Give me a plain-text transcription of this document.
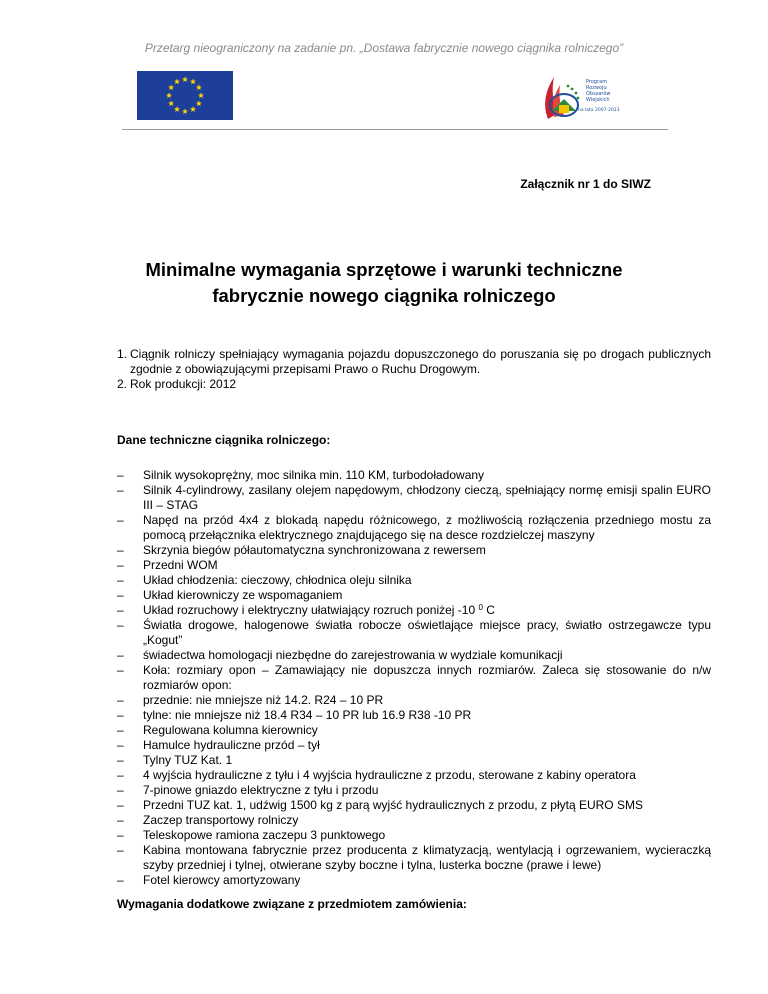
Przetarg nieograniczony na zadanie pn. „Dostawa fabrycznie nowego ciągnika rolniczego”
Program
Rozwoju
Obszarów
Wiejskich
na lata 2007-2013
Załącznik nr 1 do SIWZ
Minimalne wymagania sprzętowe i warunki techniczne
fabrycznie nowego ciągnika rolniczego
1. Ciągnik rolniczy spełniający wymagania pojazdu dopuszczonego do poruszania się po drogach publicznych zgodnie z obowiązującymi przepisami Prawo o Ruchu Drogowym.
2. Rok produkcji: 2012
Dane techniczne ciągnika rolniczego:
– Silnik wysokoprężny, moc silnika min. 110 KM, turbodoładowany
– Silnik 4-cylindrowy, zasilany olejem napędowym, chłodzony cieczą, spełniający normę emisji spalin EURO III – STAG
– Napęd na przód 4x4 z blokadą napędu różnicowego, z możliwością rozłączenia przedniego mostu za pomocą przełącznika elektrycznego znajdującego się na desce rozdzielczej maszyny
– Skrzynia biegów półautomatyczna synchronizowana z rewersem
– Przedni WOM
– Układ chłodzenia: cieczowy, chłodnica oleju silnika
– Układ kierowniczy ze wspomaganiem
– Układ rozruchowy i elektryczny ułatwiający rozruch poniżej -10 $^0$ C
– Światła drogowe, halogenowe światła robocze oświetlające miejsce pracy, światło ostrzegawcze typu „Kogut”
– świadectwa homologacji niezbędne do zarejestrowania w wydziale komunikacji
– Koła: rozmiary opon – Zamawiający nie dopuszcza innych rozmiarów. Zaleca się stosowanie do n/w rozmiarów opon:
– przednie: nie mniejsze niż 14.2. R24 – 10 PR
– tylne: nie mniejsze niż 18.4 R34 – 10 PR lub 16.9 R38 -10 PR
– Regulowana kolumna kierownicy
– Hamulce hydrauliczne przód – tył
– Tylny TUZ Kat. 1
– 4 wyjścia hydrauliczne z tyłu i 4 wyjścia hydrauliczne z przodu, sterowane z kabiny operatora
– 7-pinowe gniazdo elektryczne z tyłu i przodu
– Przedni TUZ kat. 1, udźwig 1500 kg z parą wyjść hydraulicznych z przodu, z płytą EURO SMS
– Zaczep transportowy rolniczy
– Teleskopowe ramiona zaczepu 3 punktowego
– Kabina montowana fabrycznie przez producenta z klimatyzacją, wentylacją i ogrzewaniem, wycieraczką szyby przedniej i tylnej, otwierane szyby boczne i tylna, lusterka boczne (prawe i lewe)
– Fotel kierowcy amortyzowany
Wymagania dodatkowe związane z przedmiotem zamówienia:
